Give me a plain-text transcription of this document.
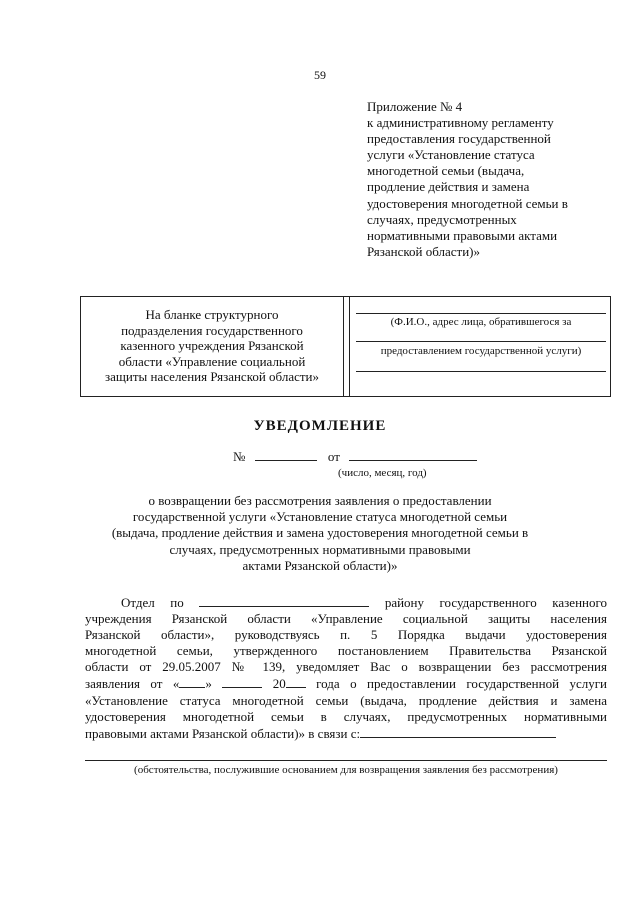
59
Приложение № 4
к административному регламенту
предоставления государственной
услуги «Установление статуса
многодетной семьи (выдача,
продление действия и замена
удостоверения многодетной семьи в
случаях, предусмотренных
нормативными правовыми актами
Рязанской области)»
На бланке структурного
подразделения государственного
казенного учреждения Рязанской
области «Управление социальной
защиты населения Рязанской области»
(Ф.И.О., адрес лица, обратившегося за
предоставлением государственной услуги)
УВЕДОМЛЕНИЕ
№	от
(число, месяц, год)
о возвращении без рассмотрения заявления о предоставлении
государственной услуги «Установление статуса многодетной семьи
(выдача, продление действия и замена удостоверения многодетной семьи в
случаях, предусмотренных нормативными правовыми
актами Рязанской области)»
Отдел по	району государственного казенного
учреждения Рязанской области «Управление социальной защиты населения
Рязанской области», руководствуясь п. 5 Порядка выдачи удостоверения
многодетной семьи, утвержденного постановлением Правительства Рязанской
области от 29.05.2007 № 139, уведомляет Вас о возвращении без рассмотрения
заявления от « »	20 года о предоставлении государственной услуги
«Установление статуса многодетной семьи (выдача, продление действия и замена
удостоверения многодетной семьи в случаях, предусмотренных нормативными
правовыми актами Рязанской области)» в связи с:
(обстоятельства, послужившие основанием для возвращения заявления без рассмотрения)
